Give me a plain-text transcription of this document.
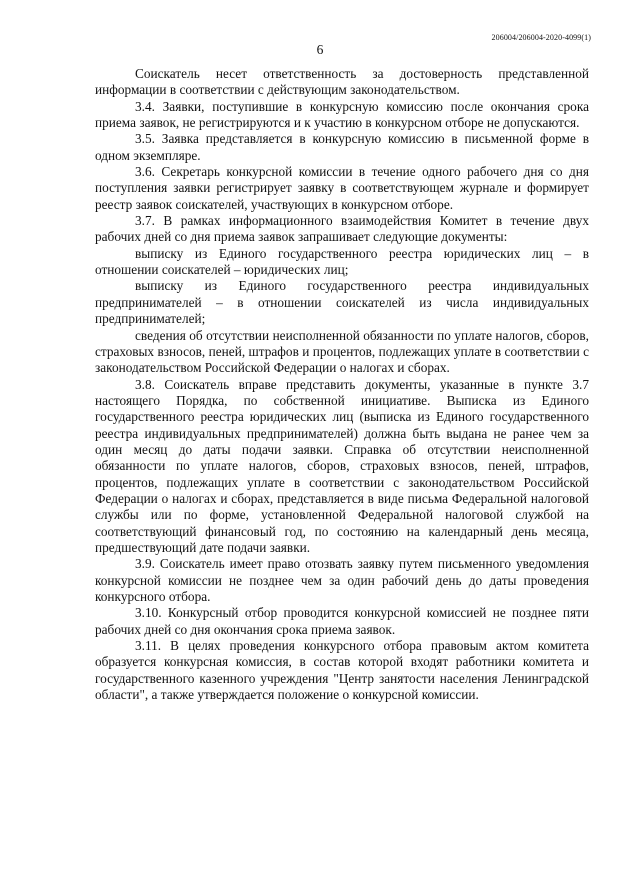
206004/206004-2020-4099(1)
6

Соискатель несет ответственность за достоверность представленной информации в соответствии с действующим законодательством.

3.4. Заявки, поступившие в конкурсную комиссию после окончания срока приема заявок, не регистрируются и к участию в конкурсном отборе не допускаются.

3.5. Заявка представляется в конкурсную комиссию в письменной форме в одном экземпляре.

3.6. Секретарь конкурсной комиссии в течение одного рабочего дня со дня поступления заявки регистрирует заявку в соответствующем журнале и формирует реестр заявок соискателей, участвующих в конкурсном отборе.

3.7. В рамках информационного взаимодействия Комитет в течение двух рабочих дней со дня приема заявок запрашивает следующие документы:

выписку из Единого государственного реестра юридических лиц – в отношении соискателей – юридических лиц;

выписку из Единого государственного реестра индивидуальных предпринимателей – в отношении соискателей из числа индивидуальных предпринимателей;

сведения об отсутствии неисполненной обязанности по уплате налогов, сборов, страховых взносов, пеней, штрафов и процентов, подлежащих уплате в соответствии с законодательством Российской Федерации о налогах и сборах.

3.8. Соискатель вправе представить документы, указанные в пункте 3.7 настоящего Порядка, по собственной инициативе. Выписка из Единого государственного реестра юридических лиц (выписка из Единого государственного реестра индивидуальных предпринимателей) должна быть выдана не ранее чем за один месяц до даты подачи заявки. Справка об отсутствии неисполненной обязанности по уплате налогов, сборов, страховых взносов, пеней, штрафов, процентов, подлежащих уплате в соответствии с законодательством Российской Федерации о налогах и сборах, представляется в виде письма Федеральной налоговой службы или по форме, установленной Федеральной налоговой службой на соответствующий финансовый год, по состоянию на календарный день месяца, предшествующий дате подачи заявки.

3.9. Соискатель имеет право отозвать заявку путем письменного уведомления конкурсной комиссии не позднее чем за один рабочий день до даты проведения конкурсного отбора.

3.10. Конкурсный отбор проводится конкурсной комиссией не позднее пяти рабочих дней со дня окончания срока приема заявок.

3.11. В целях проведения конкурсного отбора правовым актом комитета образуется конкурсная комиссия, в состав которой входят работники комитета и государственного казенного учреждения "Центр занятости населения Ленинградской области", а также утверждается положение о конкурсной комиссии.
